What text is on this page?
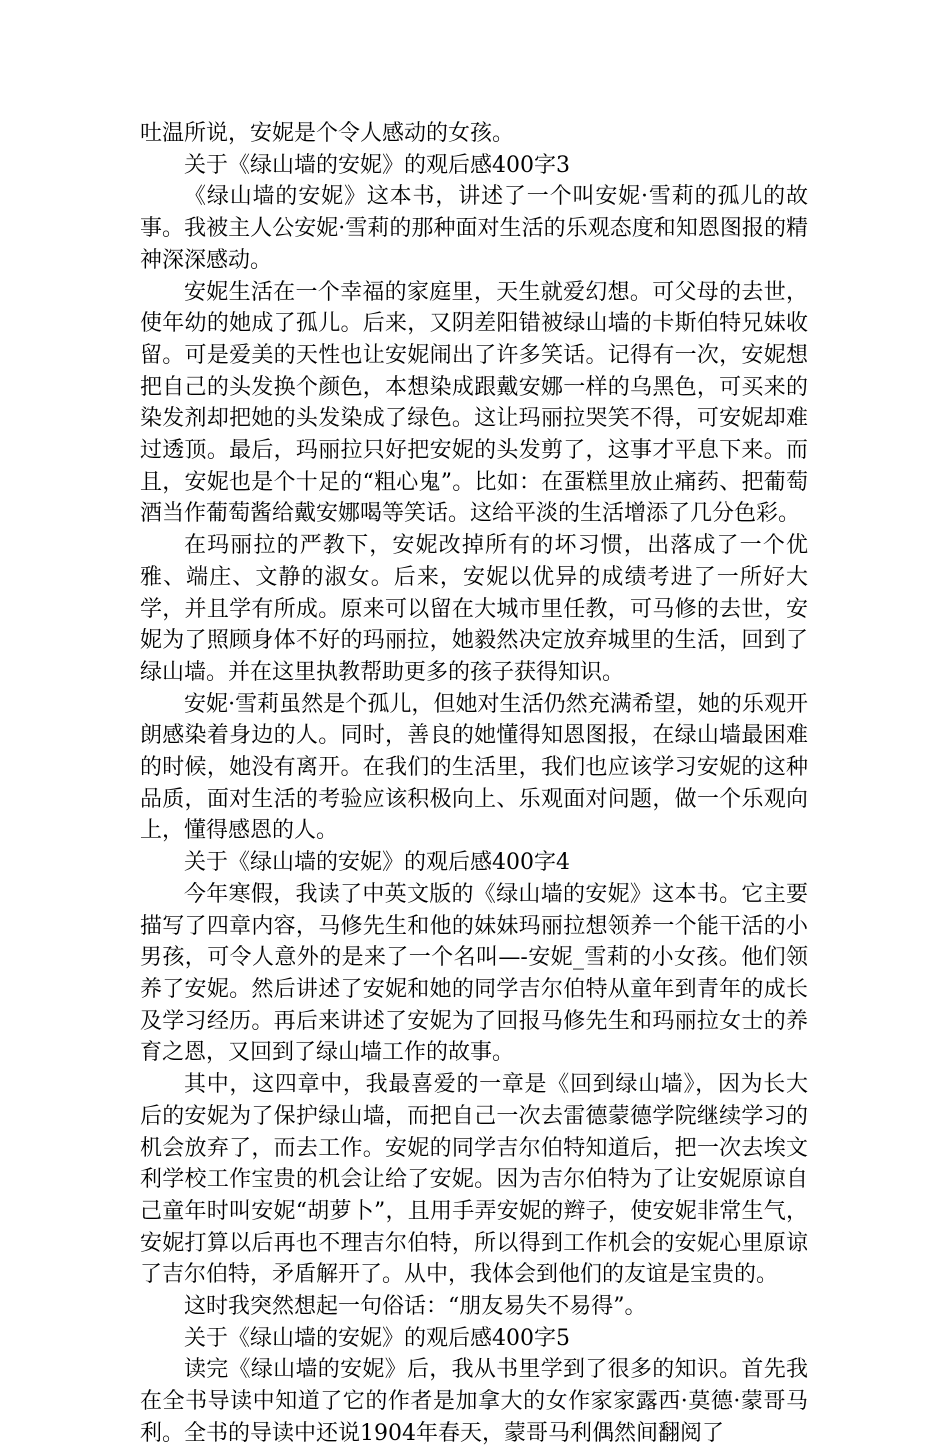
吐温所说，安妮是个令人感动的女孩。

关于《绿山墙的安妮》的观后感400字3

《绿山墙的安妮》这本书，讲述了一个叫安妮·雪莉的孤儿的故事。我被主人公安妮·雪莉的那种面对生活的乐观态度和知恩图报的精神深深感动。

安妮生活在一个幸福的家庭里，天生就爱幻想。可父母的去世，使年幼的她成了孤儿。后来，又阴差阳错被绿山墙的卡斯伯特兄妹收留。可是爱美的天性也让安妮闹出了许多笑话。记得有一次，安妮想把自己的头发换个颜色，本想染成跟戴安娜一样的乌黑色，可买来的染发剂却把她的头发染成了绿色。这让玛丽拉哭笑不得，可安妮却难过透顶。最后，玛丽拉只好把安妮的头发剪了，这事才平息下来。而且，安妮也是个十足的“粗心鬼”。比如：在蛋糕里放止痛药、把葡萄酒当作葡萄酱给戴安娜喝等笑话。这给平淡的生活增添了几分色彩。

在玛丽拉的严教下，安妮改掉所有的坏习惯，出落成了一个优雅、端庄、文静的淑女。后来，安妮以优异的成绩考进了一所好大学，并且学有所成。原来可以留在大城市里任教，可马修的去世，安妮为了照顾身体不好的玛丽拉，她毅然决定放弃城里的生活，回到了绿山墙。并在这里执教帮助更多的孩子获得知识。

安妮·雪莉虽然是个孤儿，但她对生活仍然充满希望，她的乐观开朗感染着身边的人。同时，善良的她懂得知恩图报，在绿山墙最困难的时候，她没有离开。在我们的生活里，我们也应该学习安妮的这种品质，面对生活的考验应该积极向上、乐观面对问题，做一个乐观向上，懂得感恩的人。

关于《绿山墙的安妮》的观后感400字4

今年寒假，我读了中英文版的《绿山墙的安妮》这本书。它主要描写了四章内容，马修先生和他的妹妹玛丽拉想领养一个能干活的小男孩，可令人意外的是来了一个名叫—-安妮_雪莉的小女孩。他们领养了安妮。然后讲述了安妮和她的同学吉尔伯特从童年到青年的成长及学习经历。再后来讲述了安妮为了回报马修先生和玛丽拉女士的养育之恩，又回到了绿山墙工作的故事。

其中，这四章中，我最喜爱的一章是《回到绿山墙》，因为长大后的安妮为了保护绿山墙，而把自己一次去雷德蒙德学院继续学习的机会放弃了，而去工作。安妮的同学吉尔伯特知道后，把一次去埃文利学校工作宝贵的机会让给了安妮。因为吉尔伯特为了让安妮原谅自己童年时叫安妮“胡萝卜”，且用手弄安妮的辫子，使安妮非常生气，安妮打算以后再也不理吉尔伯特，所以得到工作机会的安妮心里原谅了吉尔伯特，矛盾解开了。从中，我体会到他们的友谊是宝贵的。

这时我突然想起一句俗话：“朋友易失不易得”。

关于《绿山墙的安妮》的观后感400字5

读完《绿山墙的安妮》后，我从书里学到了很多的知识。首先我在全书导读中知道了它的作者是加拿大的女作家家露西·莫德·蒙哥马利。全书的导读中还说1904年春天，蒙哥马利偶然间翻阅了
